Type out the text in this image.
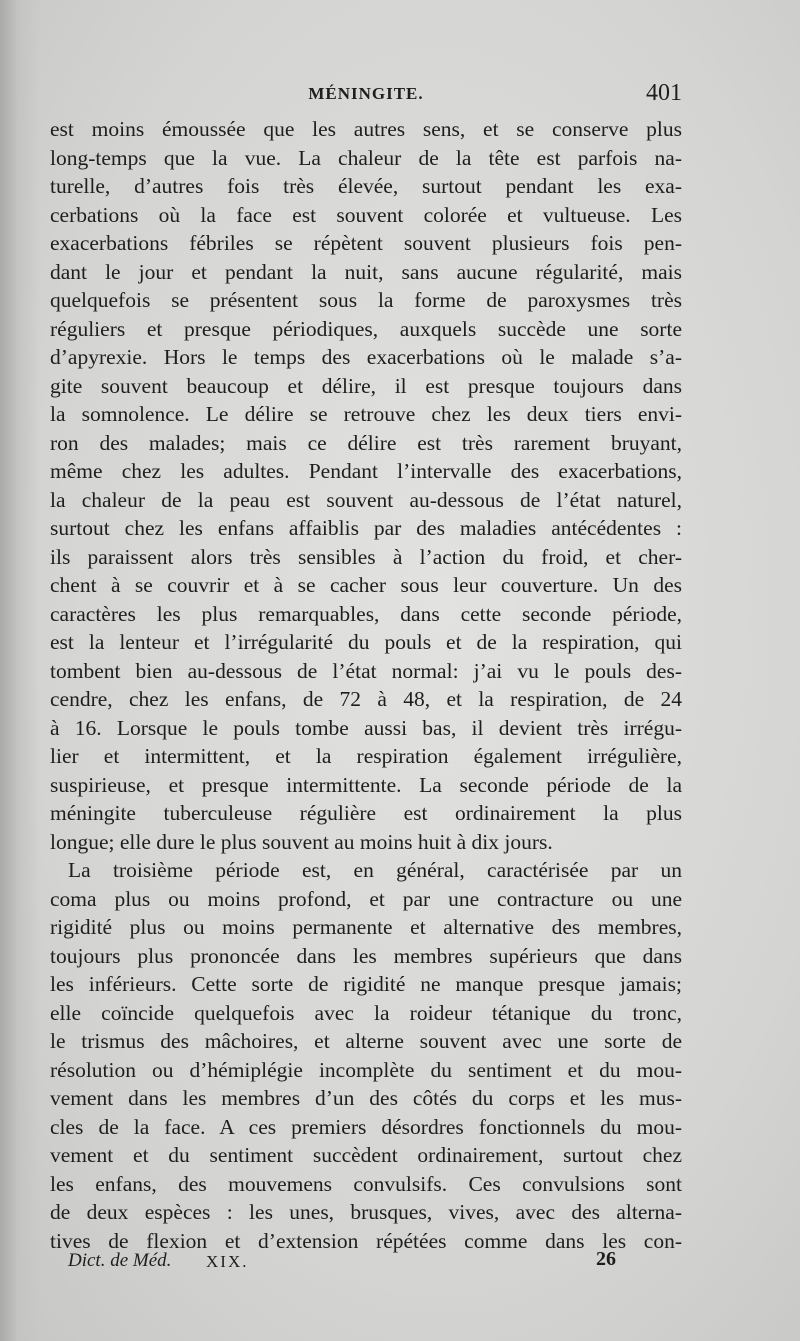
MÉNINGITE.	401
est moins émoussée que les autres sens, et se conserve plus
long-temps que la vue. La chaleur de la tête est parfois na-
turelle, d’autres fois très élevée, surtout pendant les exa-
cerbations où la face est souvent colorée et vultueuse. Les
exacerbations fébriles se répètent souvent plusieurs fois pen-
dant le jour et pendant la nuit, sans aucune régularité, mais
quelquefois se présentent sous la forme de paroxysmes très
réguliers et presque périodiques, auxquels succède une sorte
d’apyrexie. Hors le temps des exacerbations où le malade s’a-
gite souvent beaucoup et délire, il est presque toujours dans
la somnolence. Le délire se retrouve chez les deux tiers envi-
ron des malades; mais ce délire est très rarement bruyant,
même chez les adultes. Pendant l’intervalle des exacerbations,
la chaleur de la peau est souvent au-dessous de l’état naturel,
surtout chez les enfans affaiblis par des maladies antécédentes :
ils paraissent alors très sensibles à l’action du froid, et cher-
chent à se couvrir et à se cacher sous leur couverture. Un des
caractères les plus remarquables, dans cette seconde période,
est la lenteur et l’irrégularité du pouls et de la respiration, qui
tombent bien au-dessous de l’état normal: j’ai vu le pouls des-
cendre, chez les enfans, de 72 à 48, et la respiration, de 24
à 16. Lorsque le pouls tombe aussi bas, il devient très irrégu-
lier et intermittent, et la respiration également irrégulière,
suspirieuse, et presque intermittente. La seconde période de la
méningite tuberculeuse régulière est ordinairement la plus
longue; elle dure le plus souvent au moins huit à dix jours.
La troisième période est, en général, caractérisée par un
coma plus ou moins profond, et par une contracture ou une
rigidité plus ou moins permanente et alternative des membres,
toujours plus prononcée dans les membres supérieurs que dans
les inférieurs. Cette sorte de rigidité ne manque presque jamais;
elle coïncide quelquefois avec la roideur tétanique du tronc,
le trismus des mâchoires, et alterne souvent avec une sorte de
résolution ou d’hémiplégie incomplète du sentiment et du mou-
vement dans les membres d’un des côtés du corps et les mus-
cles de la face. A ces premiers désordres fonctionnels du mou-
vement et du sentiment succèdent ordinairement, surtout chez
les enfans, des mouvemens convulsifs. Ces convulsions sont
de deux espèces : les unes, brusques, vives, avec des alterna-
tives de flexion et d’extension répétées comme dans les con-
Dict. de Méd. XIX.	26
